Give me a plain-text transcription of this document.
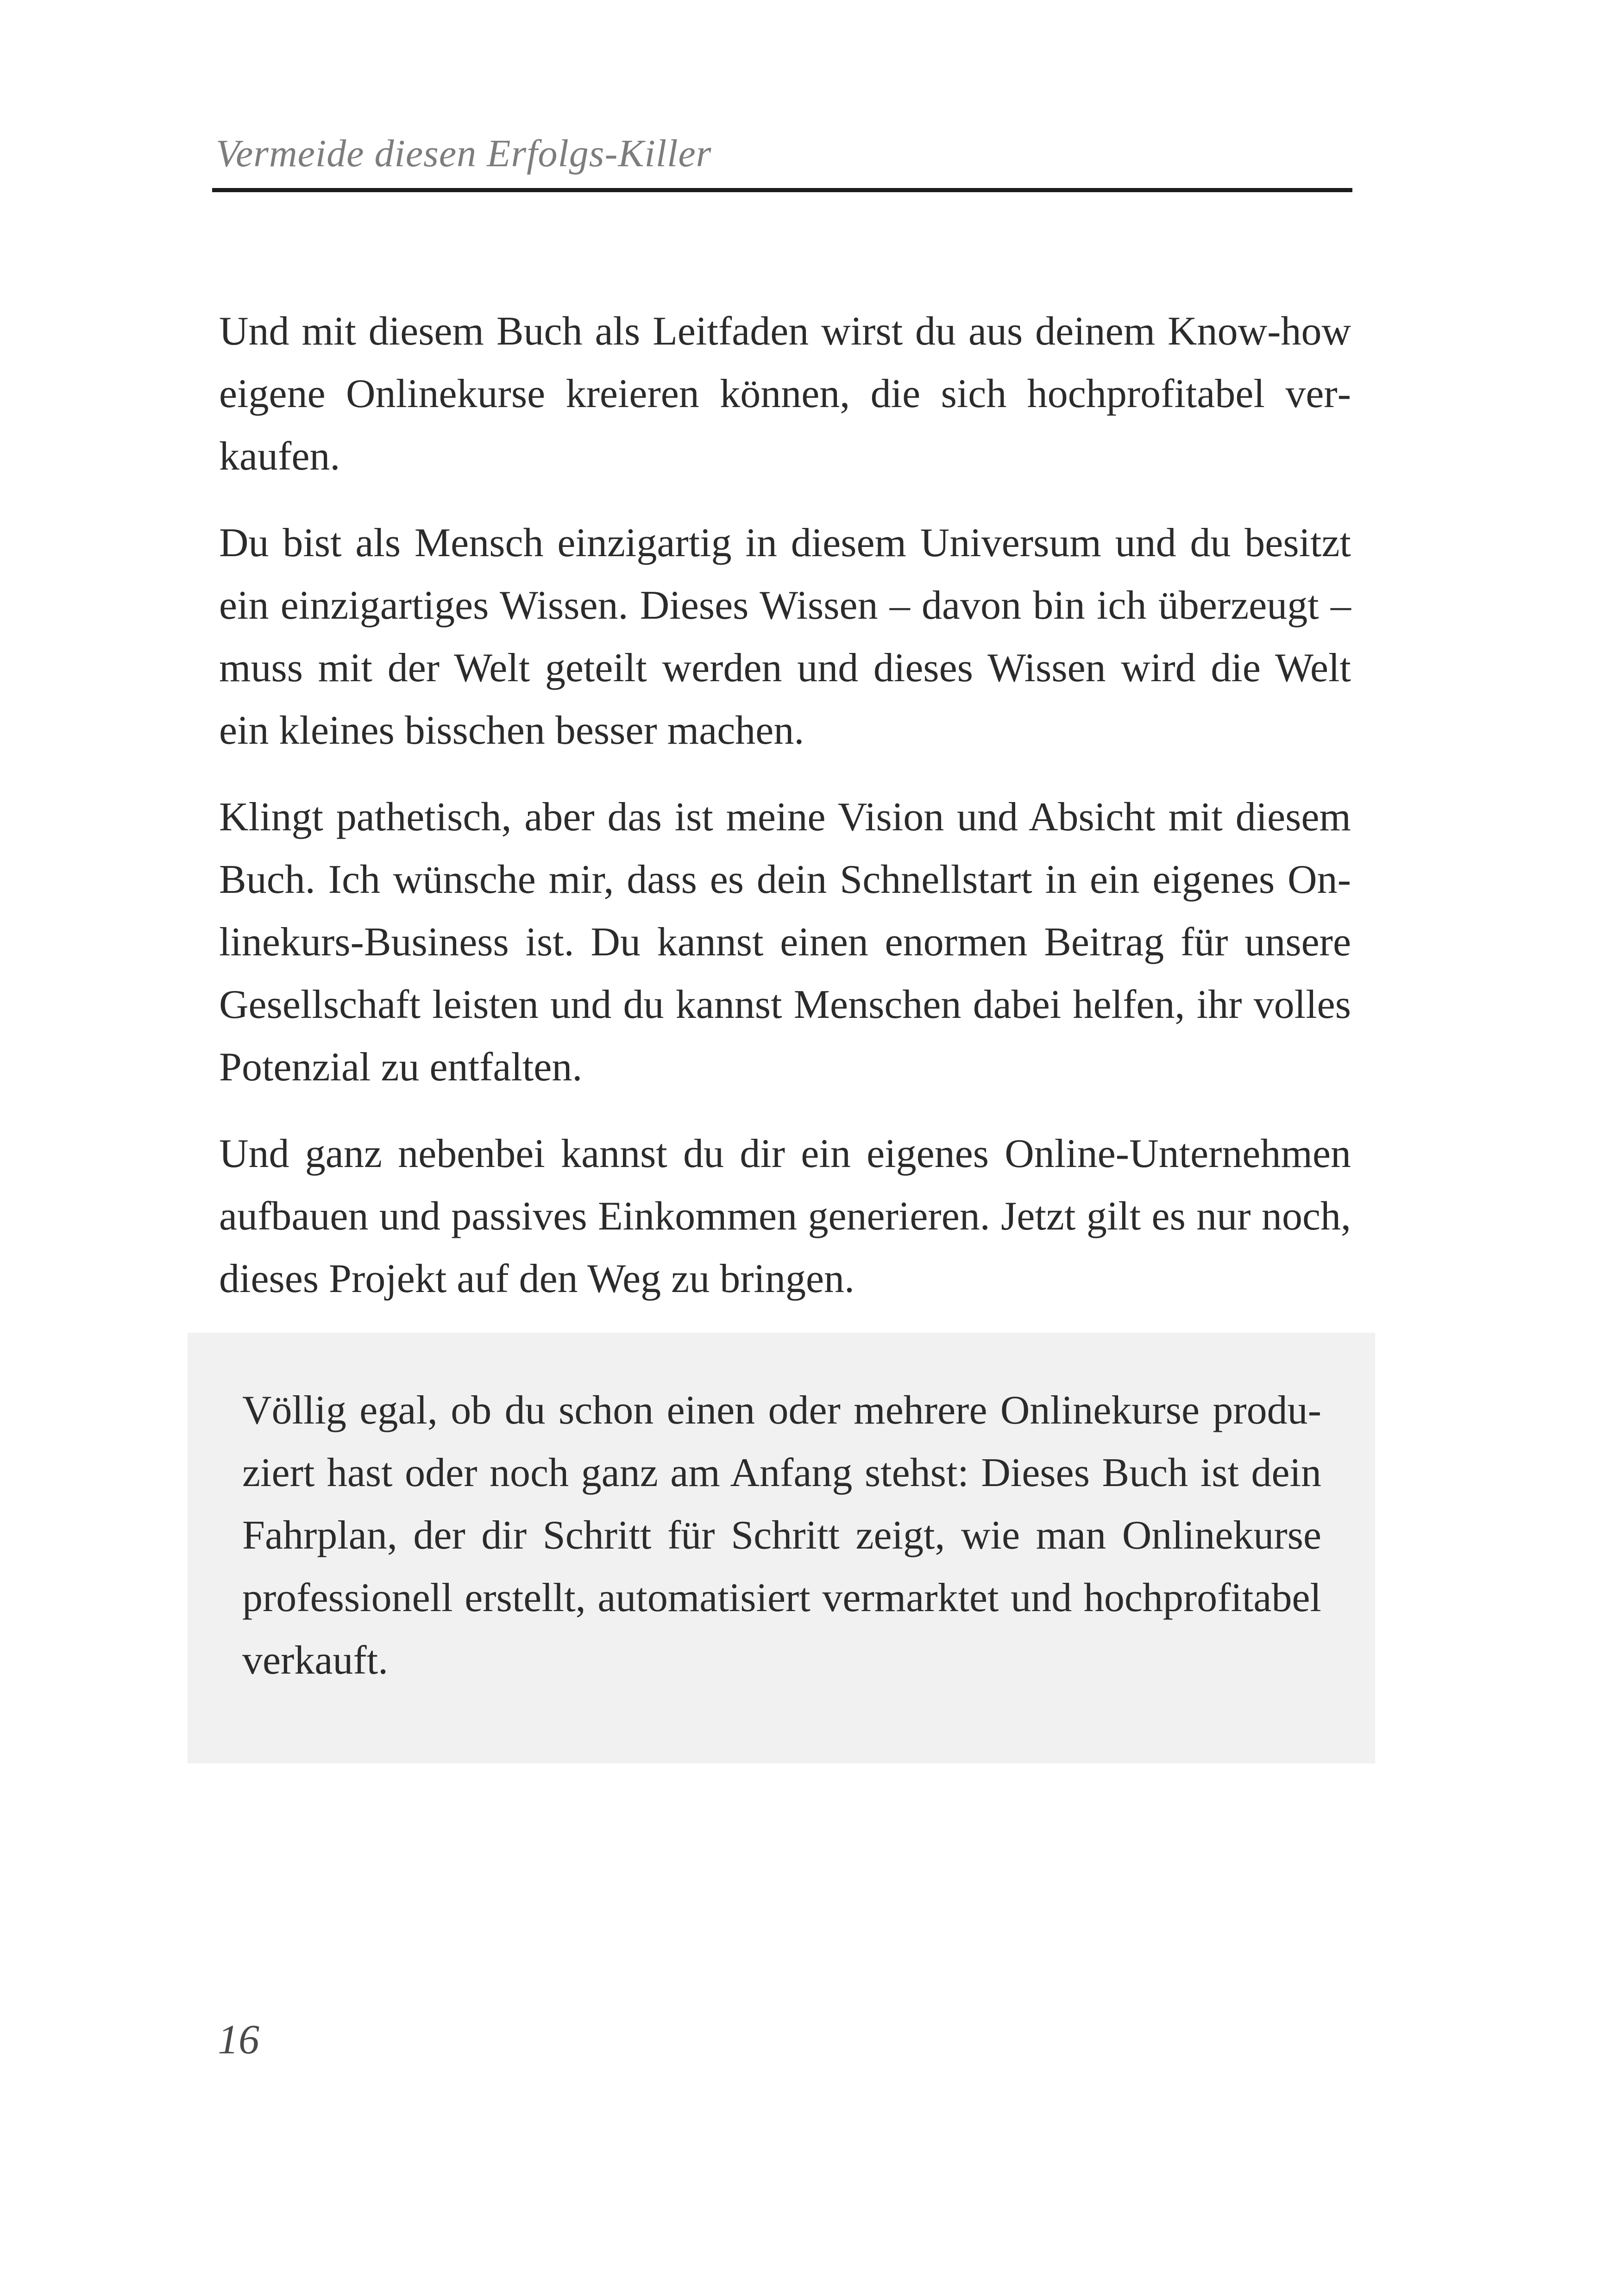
Vermeide diesen Erfolgs-Killer

Und mit diesem Buch als Leitfaden wirst du aus deinem Know-how eigene Onlinekurse kreieren können, die sich hochprofitabel verkaufen.

Du bist als Mensch einzigartig in diesem Universum und du besitzt ein einzigartiges Wissen. Dieses Wissen – davon bin ich überzeugt – muss mit der Welt geteilt werden und dieses Wissen wird die Welt ein kleines bisschen besser machen.

Klingt pathetisch, aber das ist meine Vision und Absicht mit diesem Buch. Ich wünsche mir, dass es dein Schnellstart in ein eigenes Onlinekurs-Business ist. Du kannst einen enormen Beitrag für unsere Gesellschaft leisten und du kannst Menschen dabei helfen, ihr volles Potenzial zu entfalten.

Und ganz nebenbei kannst du dir ein eigenes Online-Unternehmen aufbauen und passives Einkommen generieren. Jetzt gilt es nur noch, dieses Projekt auf den Weg zu bringen.

Völlig egal, ob du schon einen oder mehrere Onlinekurse produziert hast oder noch ganz am Anfang stehst: Dieses Buch ist dein Fahrplan, der dir Schritt für Schritt zeigt, wie man Onlinekurse professionell erstellt, automatisiert vermarktet und hochprofitabel verkauft.

16
